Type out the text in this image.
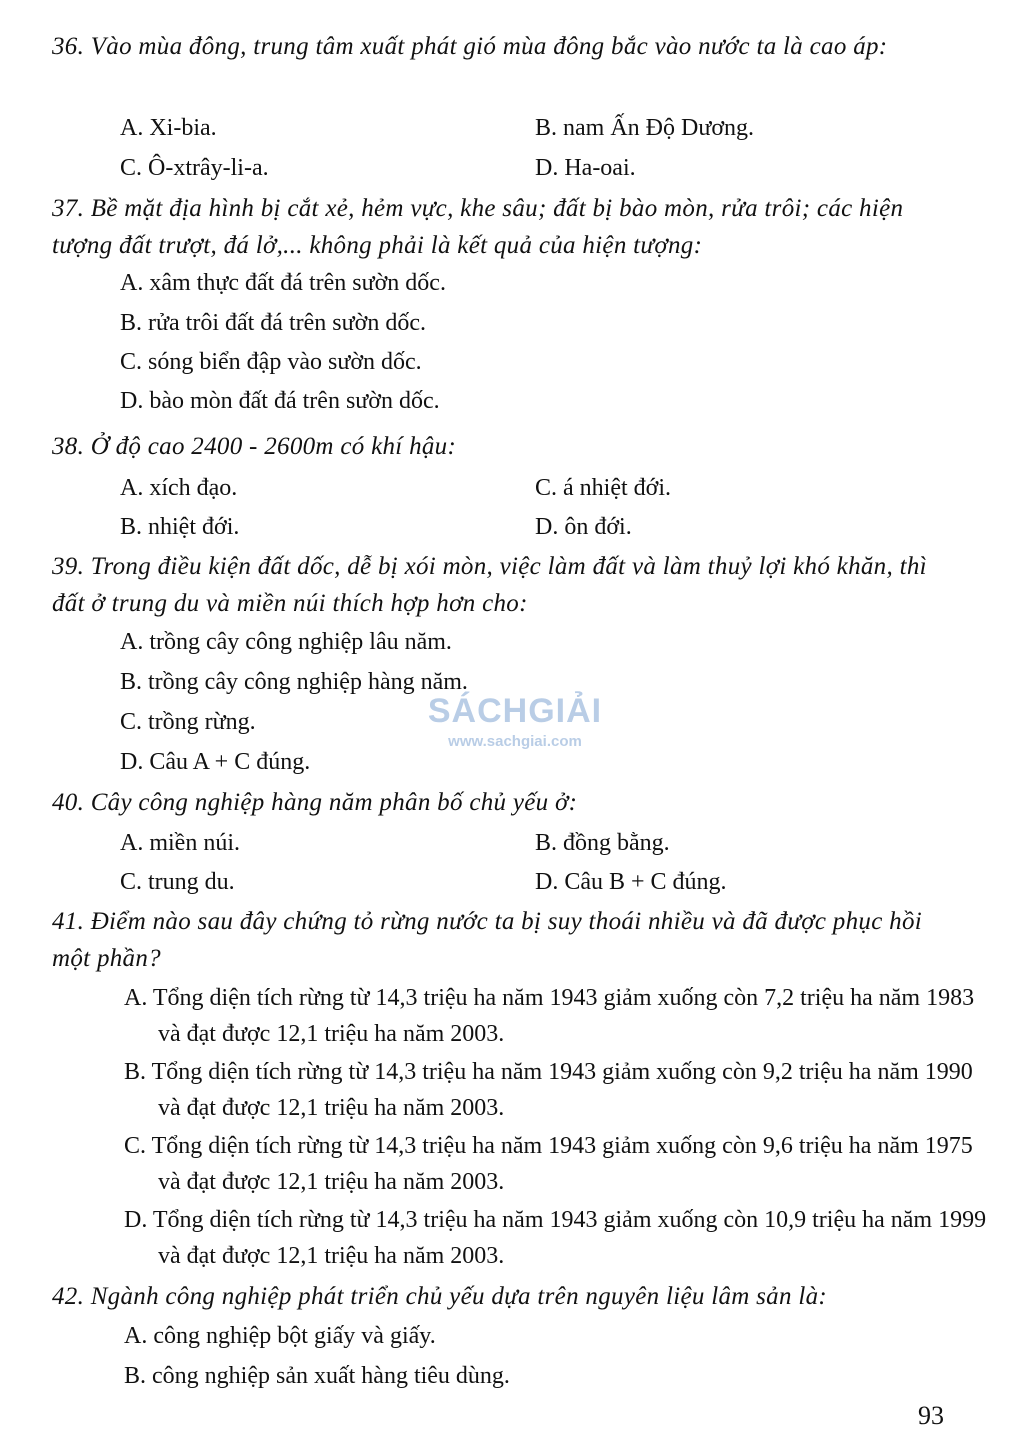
36. Vào mùa đông, trung tâm xuất phát gió mùa đông bắc vào nước ta là cao áp:

A. Xi-bia.	B. nam Ấn Độ Dương.

C. Ô-xtrây-li-a.	D. Ha-oai.

37. Bề mặt địa hình bị cắt xẻ, hẻm vực, khe sâu; đất bị bào mòn, rửa trôi; các hiện tượng đất trượt, đá lở,... không phải là kết quả của hiện tượng:

A. xâm thực đất đá trên sườn dốc.

B. rửa trôi đất đá trên sườn dốc.

C. sóng biển đập vào sườn dốc.

D. bào mòn đất đá trên sườn dốc.

38. Ở độ cao 2400 - 2600m có khí hậu:

A. xích đạo.	C. á nhiệt đới.

B. nhiệt đới.	D. ôn đới.

39. Trong điều kiện đất dốc, dễ bị xói mòn, việc làm đất và làm thuỷ lợi khó khăn, thì đất ở trung du và miền núi thích hợp hơn cho:

A. trồng cây công nghiệp lâu năm.

B. trồng cây công nghiệp hàng năm.

C. trồng rừng.

D. Câu A + C đúng.

SÁCHGIẢI
www.sachgiai.com

40. Cây công nghiệp hàng năm phân bố chủ yếu ở:

A. miền núi.	B. đồng bằng.

C. trung du.	D. Câu B + C đúng.

41. Điểm nào sau đây chứng tỏ rừng nước ta bị suy thoái nhiều và đã được phục hồi một phần?

A. Tổng diện tích rừng từ 14,3 triệu ha năm 1943 giảm xuống còn 7,2 triệu ha năm 1983 và đạt được 12,1 triệu ha năm 2003.

B. Tổng diện tích rừng từ 14,3 triệu ha năm 1943 giảm xuống còn 9,2 triệu ha năm 1990 và đạt được 12,1 triệu ha năm 2003.

C. Tổng diện tích rừng từ 14,3 triệu ha năm 1943 giảm xuống còn 9,6 triệu ha năm 1975 và đạt được 12,1 triệu ha năm 2003.

D. Tổng diện tích rừng từ 14,3 triệu ha năm 1943 giảm xuống còn 10,9 triệu ha năm 1999 và đạt được 12,1 triệu ha năm 2003.

42. Ngành công nghiệp phát triển chủ yếu dựa trên nguyên liệu lâm sản là:

A. công nghiệp bột giấy và giấy.

B. công nghiệp sản xuất hàng tiêu dùng.

93
